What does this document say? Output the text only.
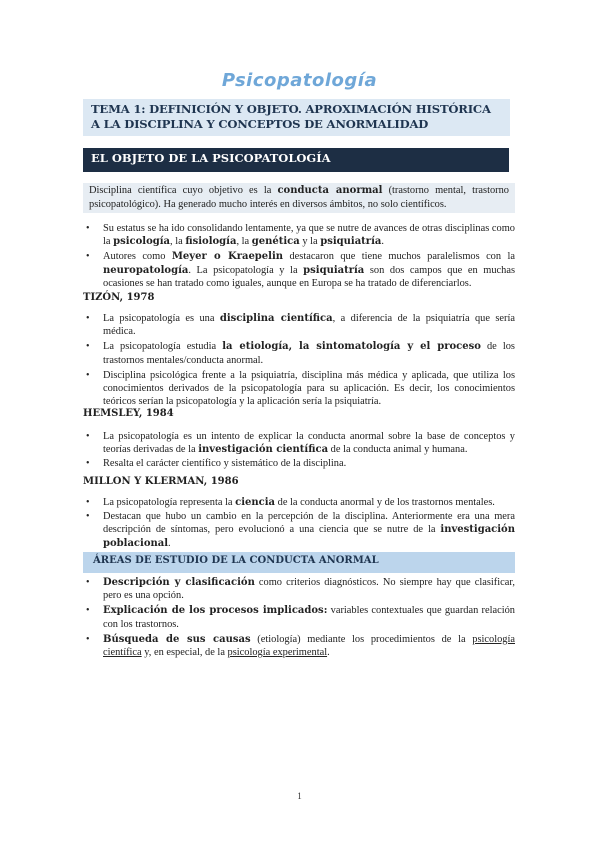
Psicopatología
TEMA 1: DEFINICIÓN Y OBJETO. APROXIMACIÓN HISTÓRICA A LA DISCIPLINA Y CONCEPTOS DE ANORMALIDAD
EL OBJETO DE LA PSICOPATOLOGÍA
Disciplina científica cuyo objetivo es la conducta anormal (trastorno mental, trastorno psicopatológico). Ha generado mucho interés en diversos ámbitos, no solo científicos.
• Su estatus se ha ido consolidando lentamente, ya que se nutre de avances de otras disciplinas como la psicología, la fisiología, la genética y la psiquiatría.
• Autores como Meyer o Kraepelin destacaron que tiene muchos paralelismos con la neuropatología. La psicopatología y la psiquiatría son dos campos que en muchas ocasiones se han tratado como iguales, aunque en Europa se ha tratado de diferenciarlos.
TIZÓN, 1978
• La psicopatología es una disciplina científica, a diferencia de la psiquiatría que sería médica.
• La psicopatología estudia la etiología, la sintomatología y el proceso de los trastornos mentales/conducta anormal.
• Disciplina psicológica frente a la psiquiatría, disciplina más médica y aplicada, que utiliza los conocimientos derivados de la psicopatología para su aplicación. Es decir, los conocimientos teóricos serían la psicopatología y la aplicación sería la psiquiatría.
HEMSLEY, 1984
• La psicopatología es un intento de explicar la conducta anormal sobre la base de conceptos y teorías derivadas de la investigación científica de la conducta animal y humana.
• Resalta el carácter científico y sistemático de la disciplina.
MILLON Y KLERMAN, 1986
• La psicopatología representa la ciencia de la conducta anormal y de los trastornos mentales.
• Destacan que hubo un cambio en la percepción de la disciplina. Anteriormente era una mera descripción de síntomas, pero evolucionó a una ciencia que se nutre de la investigación poblacional.
ÁREAS DE ESTUDIO DE LA CONDUCTA ANORMAL
• Descripción y clasificación como criterios diagnósticos. No siempre hay que clasificar, pero es una opción.
• Explicación de los procesos implicados: variables contextuales que guardan relación con los trastornos.
• Búsqueda de sus causas (etiología) mediante los procedimientos de la psicología científica y, en especial, de la psicología experimental.
1
